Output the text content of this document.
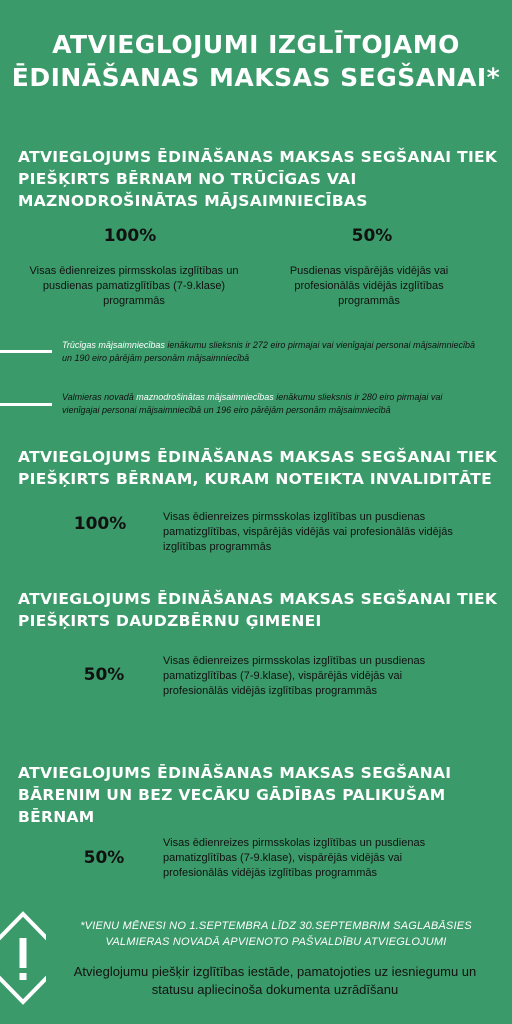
ATVIEGLOJUMI IZGLĪTOJAMO
ĒDINĀŠANAS MAKSAS SEGŠANAI*
ATVIEGLOJUMS ĒDINĀŠANAS MAKSAS SEGŠANAI TIEK PIEŠĶIRTS BĒRNAM NO TRŪCĪGAS VAI MAZNODROŠINĀTAS MĀJSAIMNIECĪBAS
100%
Visas ēdienreizes pirmsskolas izglītības un pusdienas pamatizglītības (7-9.klase) programmās
50%
Pusdienas vispārējās vidējās vai profesionālās vidējās izglītības programmās
Trūcīgas mājsaimniecības ienākumu slieksnis ir 272 eiro pirmajai vai vienīgajai personai mājsaimniecībā un 190 eiro pārējām personām mājsaimniecībā
Valmieras novadā maznodrošinātas mājsaimniecības ienākumu slieksnis ir 280 eiro pirmajai vai vienīgajai personai mājsaimniecībā un 196 eiro pārējām personām mājsaimniecībā
ATVIEGLOJUMS ĒDINĀŠANAS MAKSAS SEGŠANAI TIEK PIEŠĶIRTS BĒRNAM, KURAM NOTEIKTA INVALIDITĀTE
100%	Visas ēdienreizes pirmsskolas izglītības un pusdienas pamatizglītības, vispārējās vidējās vai profesionālās vidējās izglītības programmās
ATVIEGLOJUMS ĒDINĀŠANAS MAKSAS SEGŠANAI TIEK PIEŠĶIRTS DAUDZBĒRNU ĢIMENEI
50%
Visas ēdienreizes pirmsskolas izglītības un pusdienas pamatizglītības (7-9.klase), vispārējās vidējās vai profesionālās vidējās izglītības programmās
ATVIEGLOJUMS ĒDINĀŠANAS MAKSAS SEGŠANAI BĀRENIM UN BEZ VECĀKU GĀDĪBAS PALIKUŠAM BĒRNAM
50%
Visas ēdienreizes pirmsskolas izglītības un pusdienas pamatizglītības (7-9.klase), vispārējās vidējās vai profesionālās vidējās izglītības programmās
*VIENU MĒNESI NO 1.SEPTEMBRA LĪDZ 30.SEPTEMBRIM SAGLABĀSIES VALMIERAS NOVADĀ APVIENOTO PAŠVALDĪBU ATVIEGLOJUMI
Atvieglojumu piešķir izglītības iestāde, pamatojoties uz iesniegumu un statusu apliecinoša dokumenta uzrādīšanu
